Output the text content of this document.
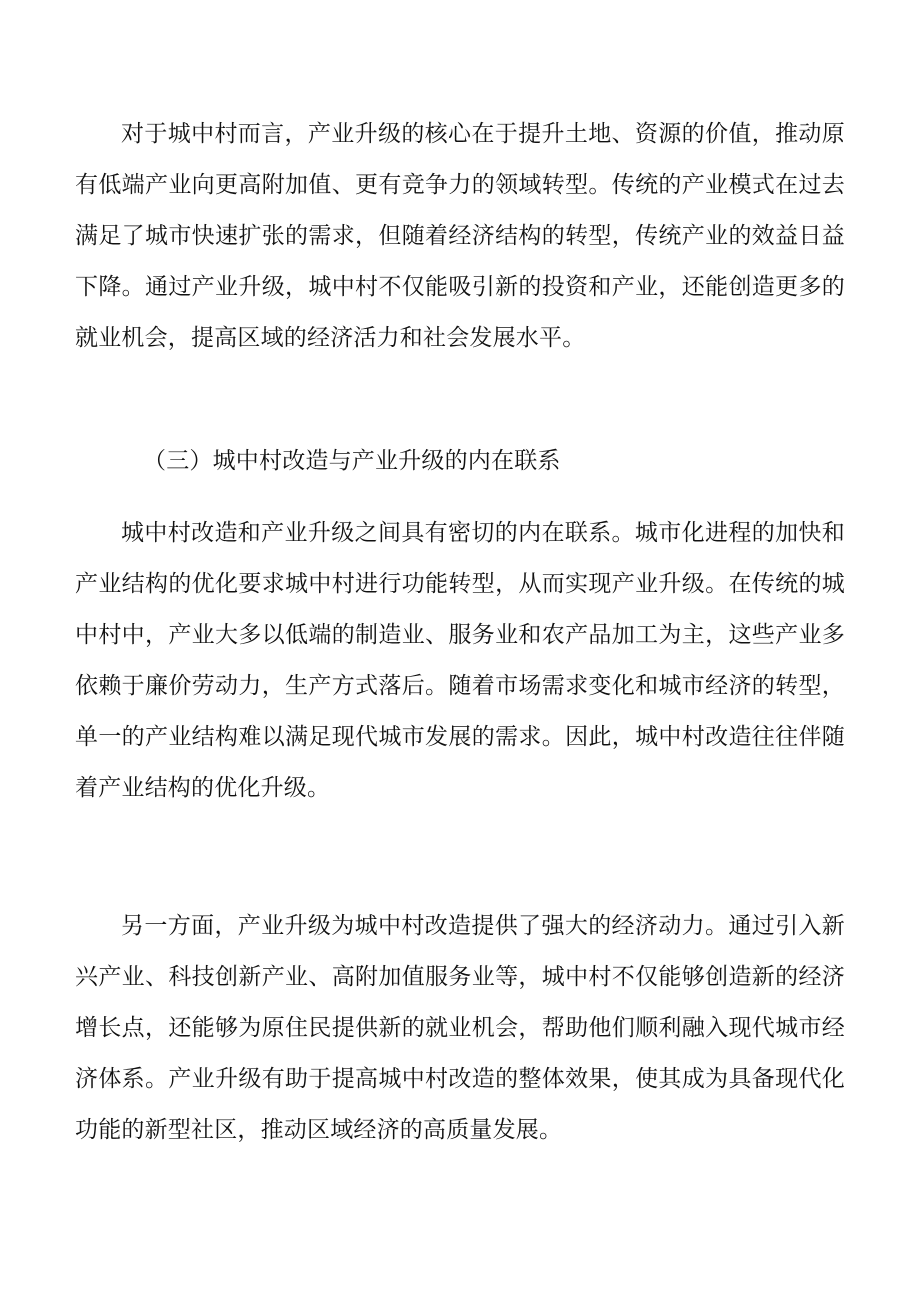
对于城中村而言，产业升级的核心在于提升土地、资源的价值，推动原有低端产业向更高附加值、更有竞争力的领域转型。传统的产业模式在过去满足了城市快速扩张的需求，但随着经济结构的转型，传统产业的效益日益下降。通过产业升级，城中村不仅能吸引新的投资和产业，还能创造更多的就业机会，提高区域的经济活力和社会发展水平。

（三）城中村改造与产业升级的内在联系

城中村改造和产业升级之间具有密切的内在联系。城市化进程的加快和产业结构的优化要求城中村进行功能转型，从而实现产业升级。在传统的城中村中，产业大多以低端的制造业、服务业和农产品加工为主，这些产业多依赖于廉价劳动力，生产方式落后。随着市场需求变化和城市经济的转型，单一的产业结构难以满足现代城市发展的需求。因此，城中村改造往往伴随着产业结构的优化升级。

另一方面，产业升级为城中村改造提供了强大的经济动力。通过引入新兴产业、科技创新产业、高附加值服务业等，城中村不仅能够创造新的经济增长点，还能够为原住民提供新的就业机会，帮助他们顺利融入现代城市经济体系。产业升级有助于提高城中村改造的整体效果，使其成为具备现代化功能的新型社区，推动区域经济的高质量发展。
